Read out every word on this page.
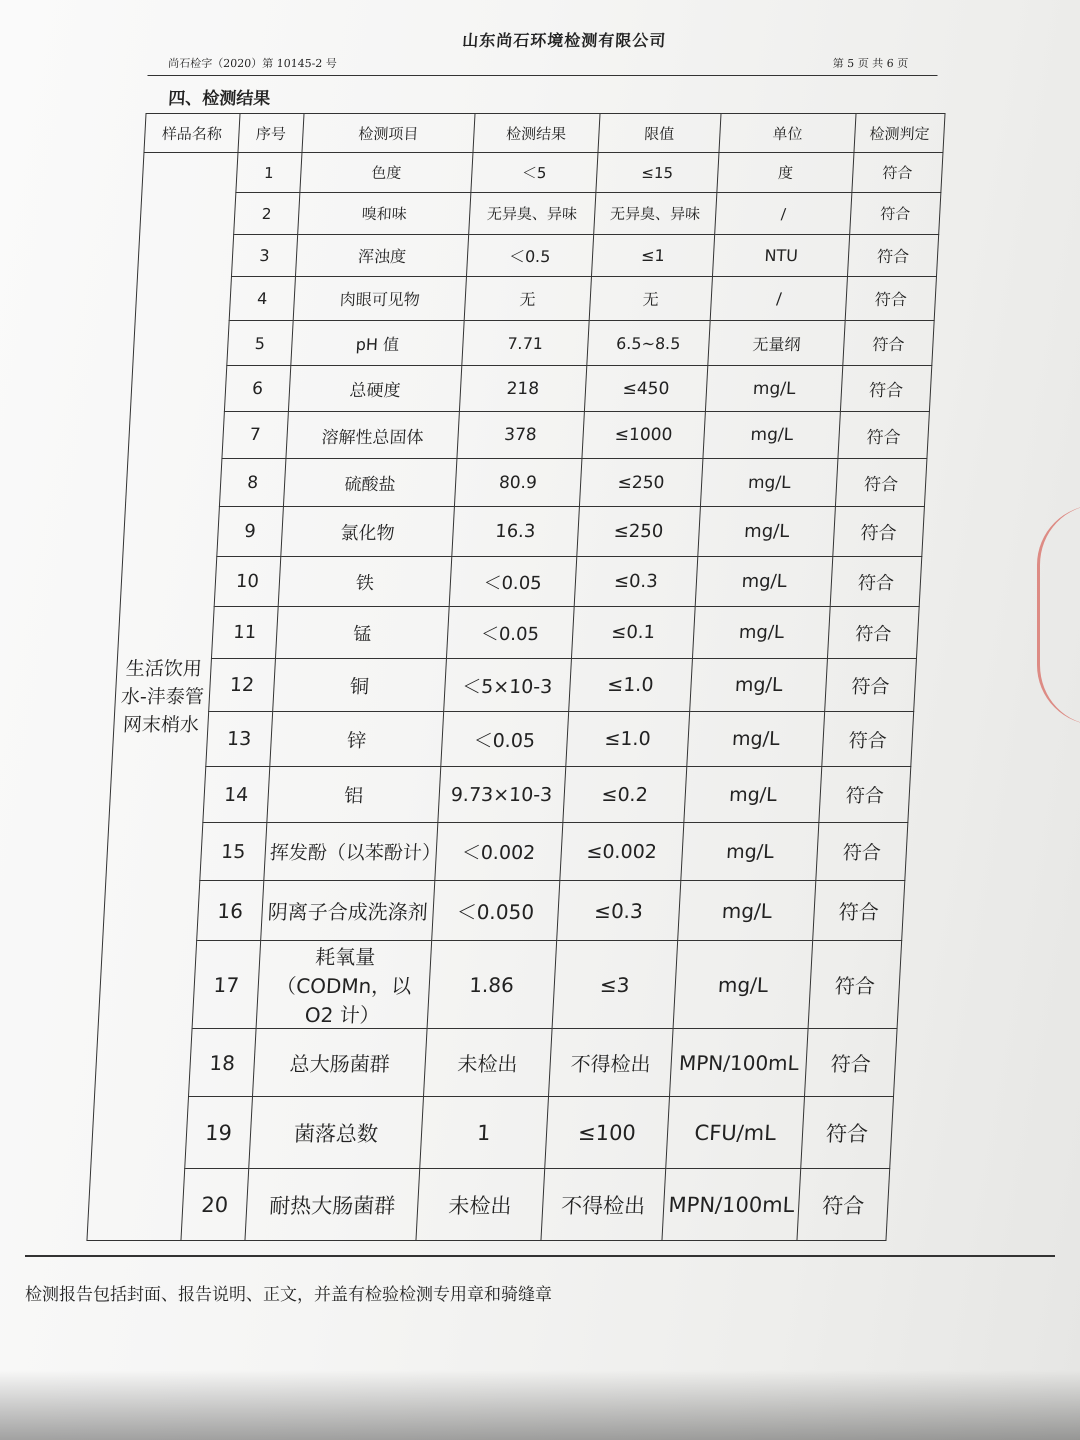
山东尚石环境检测有限公司
尚石检字（2020）第 10145-2 号	第 5 页 共 6 页
四、检测结果
样品名称	序号	检测项目	检测结果	限值	单位	检测判定
生活饮用水-沣泰管网末梢水	1	色度	＜5	≤15	度	符合
	2	嗅和味	无异臭、异味	无异臭、异味	/	符合
	3	浑浊度	＜0.5	≤1	NTU	符合
	4	肉眼可见物	无	无	/	符合
	5	pH 值	7.71	6.5~8.5	无量纲	符合
	6	总硬度	218	≤450	mg/L	符合
	7	溶解性总固体	378	≤1000	mg/L	符合
	8	硫酸盐	80.9	≤250	mg/L	符合
	9	氯化物	16.3	≤250	mg/L	符合
	10	铁	＜0.05	≤0.3	mg/L	符合
	11	锰	＜0.05	≤0.1	mg/L	符合
	12	铜	＜5×10-3	≤1.0	mg/L	符合
	13	锌	＜0.05	≤1.0	mg/L	符合
	14	铝	9.73×10-3	≤0.2	mg/L	符合
	15	挥发酚（以苯酚计）	＜0.002	≤0.002	mg/L	符合
	16	阴离子合成洗涤剂	＜0.050	≤0.3	mg/L	符合
	17	耗氧量（CODMn，以 O2 计）	1.86	≤3	mg/L	符合
	18	总大肠菌群	未检出	不得检出	MPN/100mL	符合
	19	菌落总数	1	≤100	CFU/mL	符合
	20	耐热大肠菌群	未检出	不得检出	MPN/100mL	符合
检测报告包括封面、报告说明、正文，并盖有检验检测专用章和骑缝章
